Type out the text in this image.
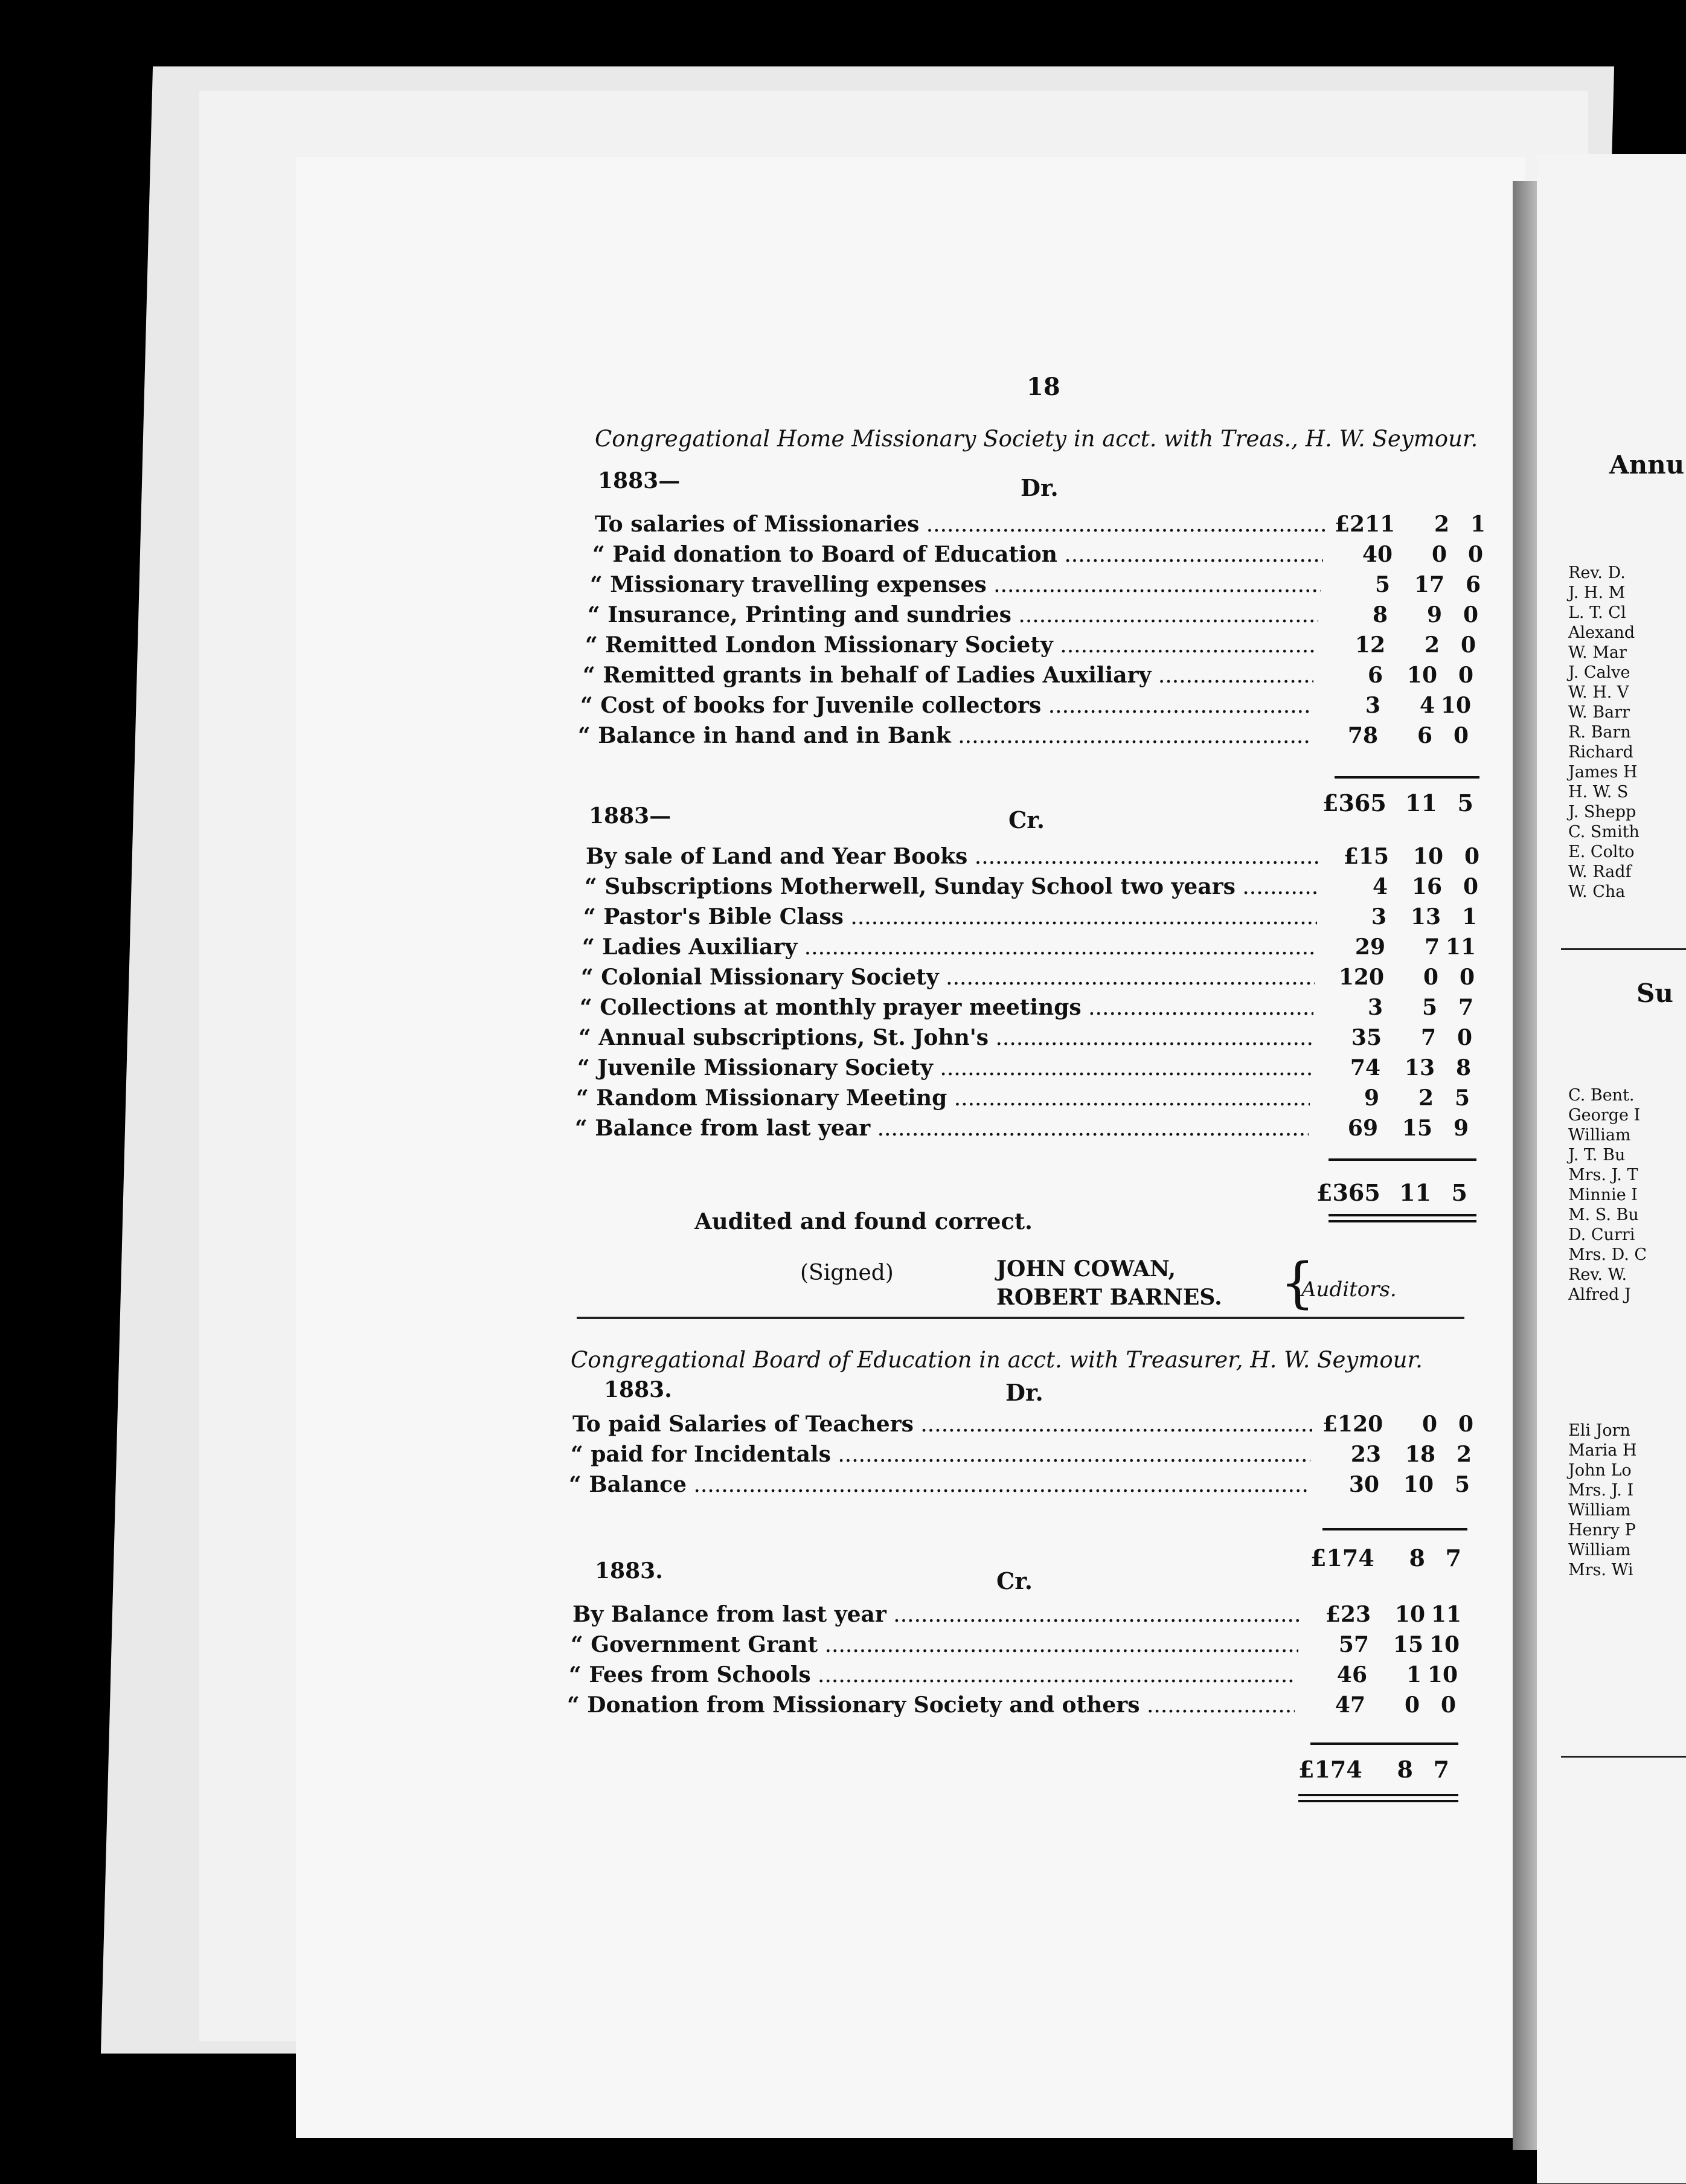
Annu
Rev. D.
J. H. M
L. T. Cl
Alexand
W. Mar
J. Calve
W. H. V
W. Barr
R. Barn
Richard
James H
H. W. S
J. Shepp
C. Smith
E. Colto
W. Radf
W. Cha
Su
C. Bent.
George I
William
J. T. Bu
Mrs. J. T
Minnie I
M. S. Bu
D. Curri
Mrs. D. C
Rev. W.
Alfred J
Eli Jorn
Maria H
John Lo
Mrs. J. I
William
Henry P
William
Mrs. Wi
18
Congregational Home Missionary Society in acct. with Treas., H. W. Seymour.
1883—	Dr.
To salaries of Missionaries .....	£211	2 1
“ Paid donation to Board of Education .....	40	0 0
“ Missionary travelling expenses .....	5	17 6
“ Insurance, Printing and sundries .....	8	9 0
“ Remitted London Missionary Society .....	12	2 0
“ Remitted grants in behalf of Ladies Auxiliary .....	6	10 0
“ Cost of books for Juvenile collectors .....	3	4 10
“ Balance in hand and in Bank .....	78	6 0
£365 11 5
1883—	Cr.
By sale of Land and Year Books .....	£15	10 0
“ Subscriptions Motherwell, Sunday School two years .....	4	16 0
“ Pastor's Bible Class .....	3	13 1
“ Ladies Auxiliary .....	29	7 11
“ Colonial Missionary Society .....	120	0 0
“ Collections at monthly prayer meetings .....	3	5 7
“ Annual subscriptions, St. John's .....	35	7 0
“ Juvenile Missionary Society .....	74	13 8
“ Random Missionary Meeting .....	9	2 5
“ Balance from last year .....	69	15 9
£365 11 5
Audited and found correct.
(Signed)	JOHN COWAN,
ROBERT BARNES. {
Auditors.
Congregational Board of Education in acct. with Treasurer, H. W. Seymour.
1883.	Dr.
To paid Salaries of Teachers .....	£120	0 0
“ paid for Incidentals .....	23	18 2
“ Balance .....	30	10 5
£174	8 7
1883.	Cr.
By Balance from last year .....	£23	10 11
“ Government Grant .....	57	15 10
“ Fees from Schools .....	46	1 10
“ Donation from Missionary Society and others .....	47	0 0
£174	8 7
